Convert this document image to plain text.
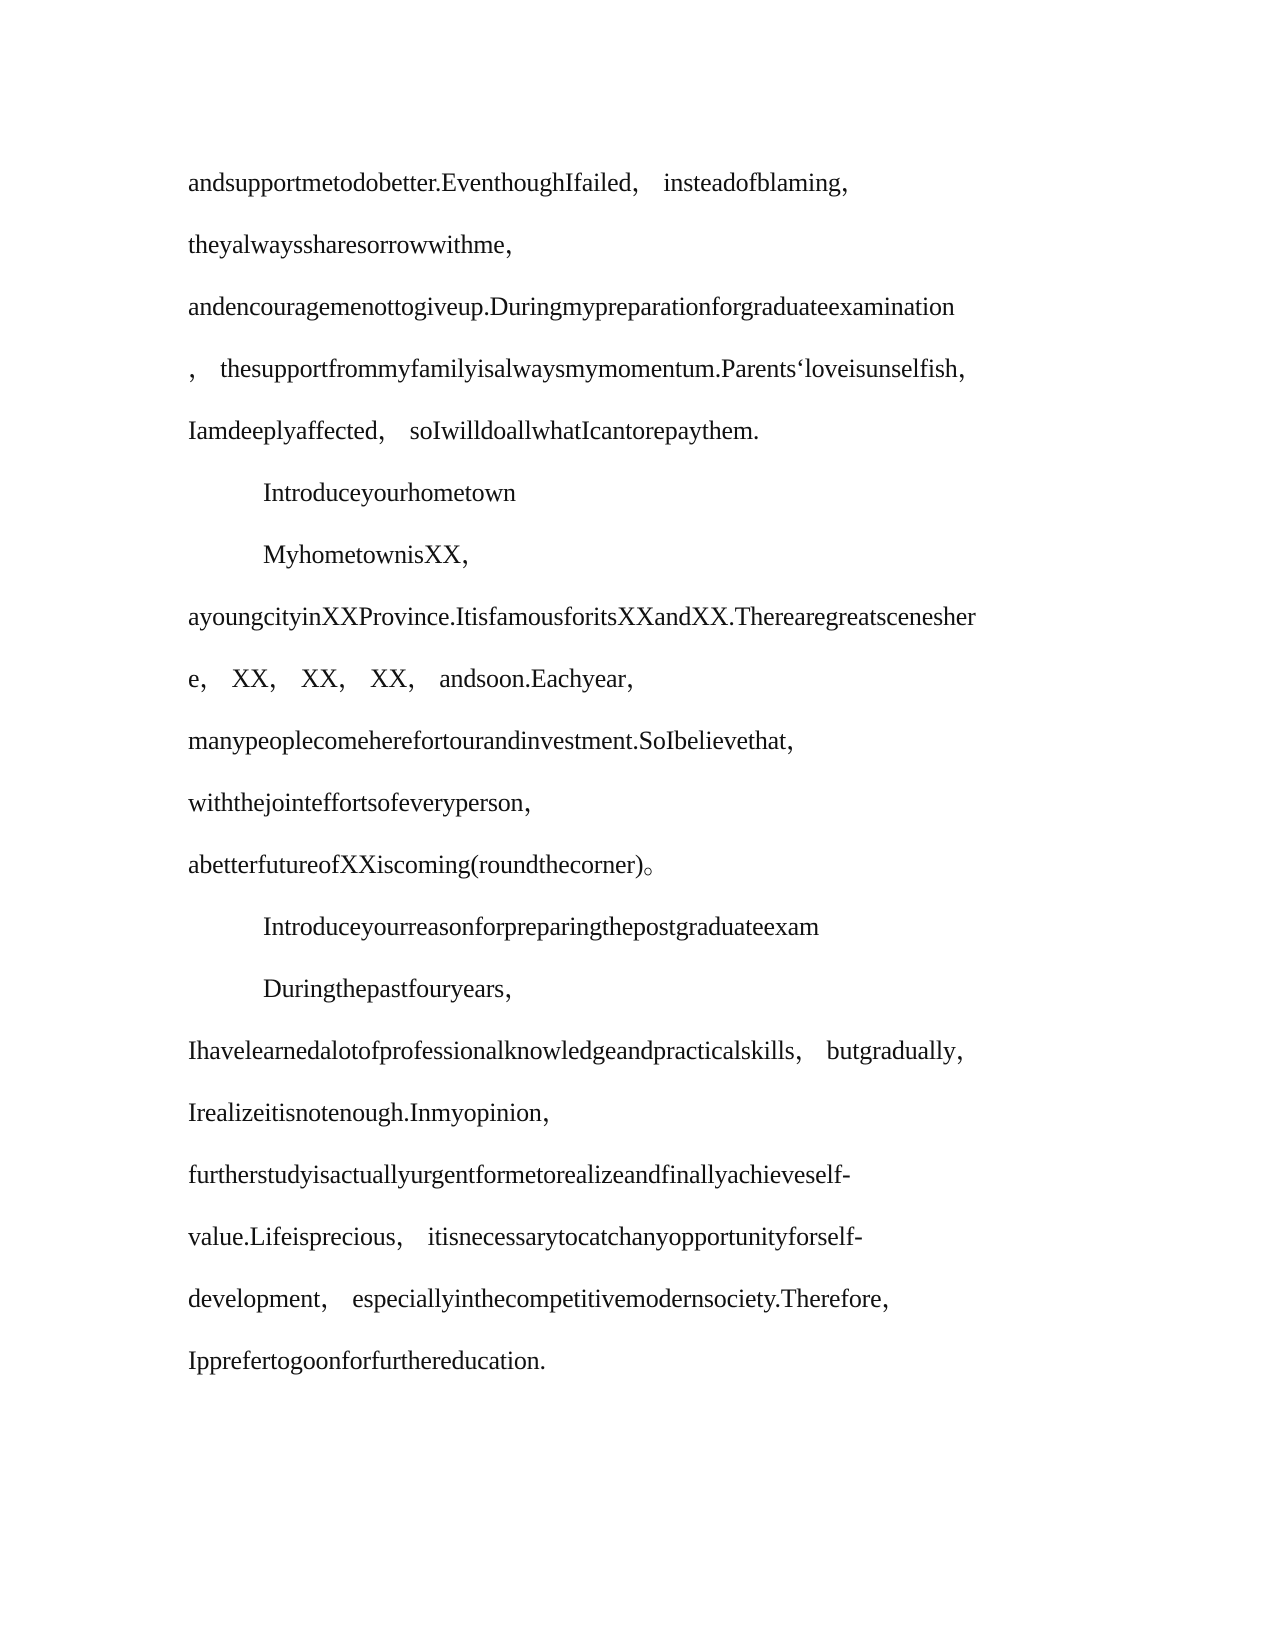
andsupportmetodobetter.EventhoughIfailed， insteadofblaming，
theyalwayssharesorrowwithme，
andencouragemenottogiveup.Duringmypreparationforgraduateexamination
， thesupportfrommyfamilyisalwaysmymomentum.Parents‘loveisunselfish，
Iamdeeplyaffected， soIwilldoallwhatIcantorepaythem.
Introduceyourhometown
MyhometownisXX，
ayoungcityinXXProvince.ItisfamousforitsXXandXX.Therearegreatscenesher
e， XX， XX， XX， andsoon.Eachyear，
manypeoplecomeherefortourandinvestment.SoIbelievethat，
withthejointeffortsofeveryperson，
abetterfutureofXXiscoming(roundthecorner)。
Introduceyourreasonforpreparingthepostgraduateexam
Duringthepastfouryears，
Ihavelearnedalotofprofessionalknowledgeandpracticalskills， butgradually，
Irealizeitisnotenough.Inmyopinion，
furtherstudyisactuallyurgentformetorealizeandfinallyachieveself-
value.Lifeisprecious， itisnecessarytocatchanyopportunityforself-
development， especiallyinthecompetitivemodernsociety.Therefore，
Ipprefertogoonforfurthereducation.
